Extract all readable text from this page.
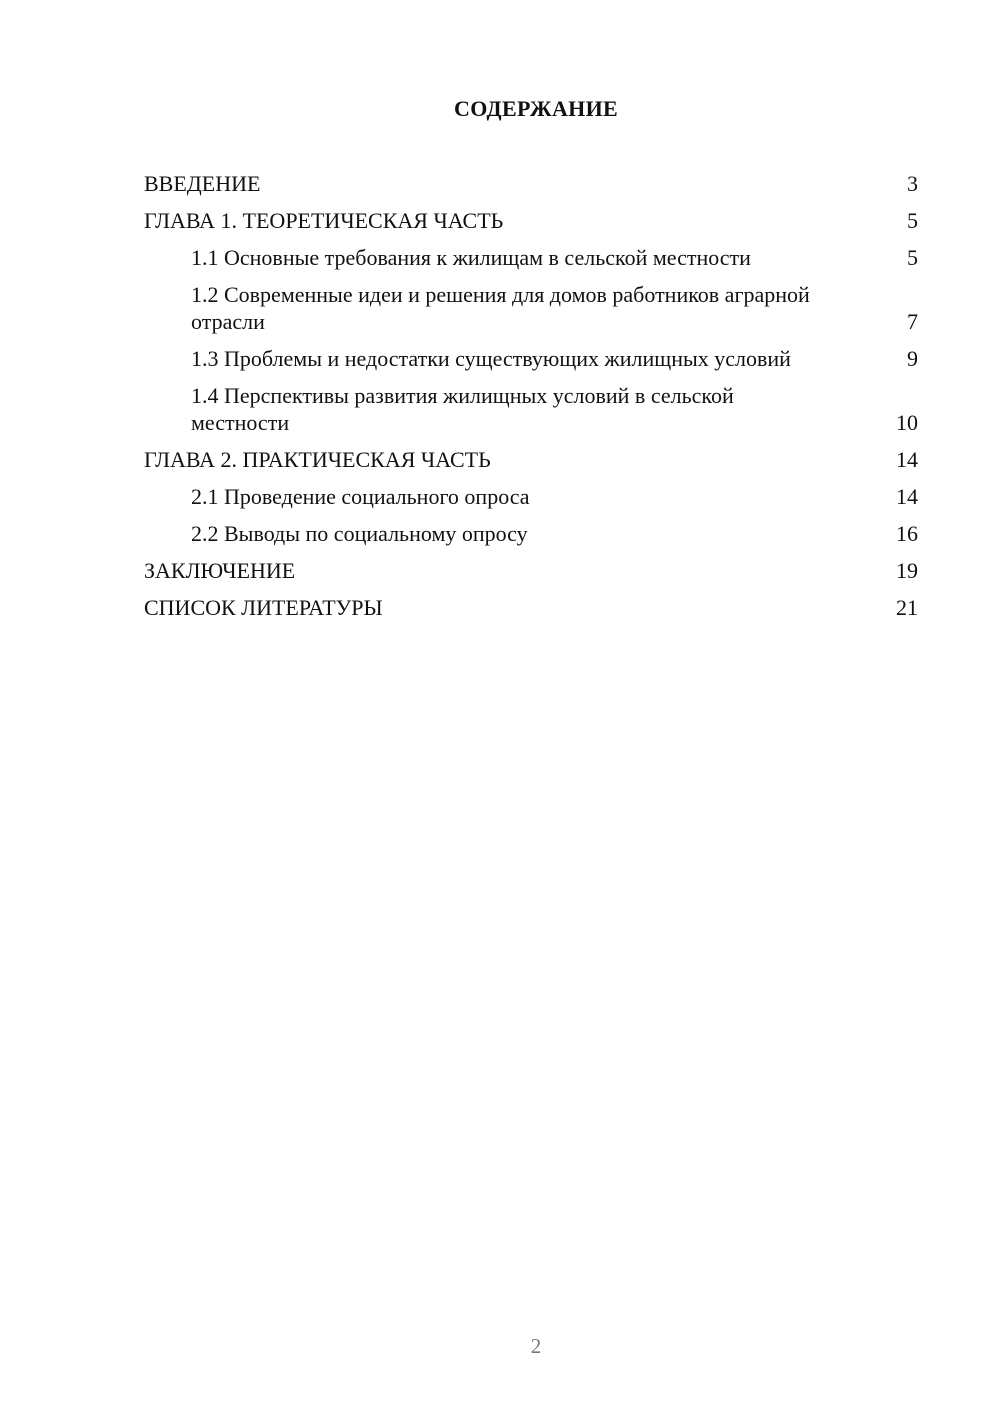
СОДЕРЖАНИЕ
ВВЕДЕНИЕ	3
ГЛАВА 1. ТЕОРЕТИЧЕСКАЯ ЧАСТЬ	5
1.1 Основные требования к жилищам в сельской местности	5
1.2 Современные идеи и решения для домов работников аграрной отрасли	7
1.3 Проблемы и недостатки существующих жилищных условий	9
1.4 Перспективы развития жилищных условий в сельской местности	10
ГЛАВА 2. ПРАКТИЧЕСКАЯ ЧАСТЬ	14
2.1 Проведение социального опроса	14
2.2 Выводы по социальному опросу	16
ЗАКЛЮЧЕНИЕ	19
СПИСОК ЛИТЕРАТУРЫ	21
2
